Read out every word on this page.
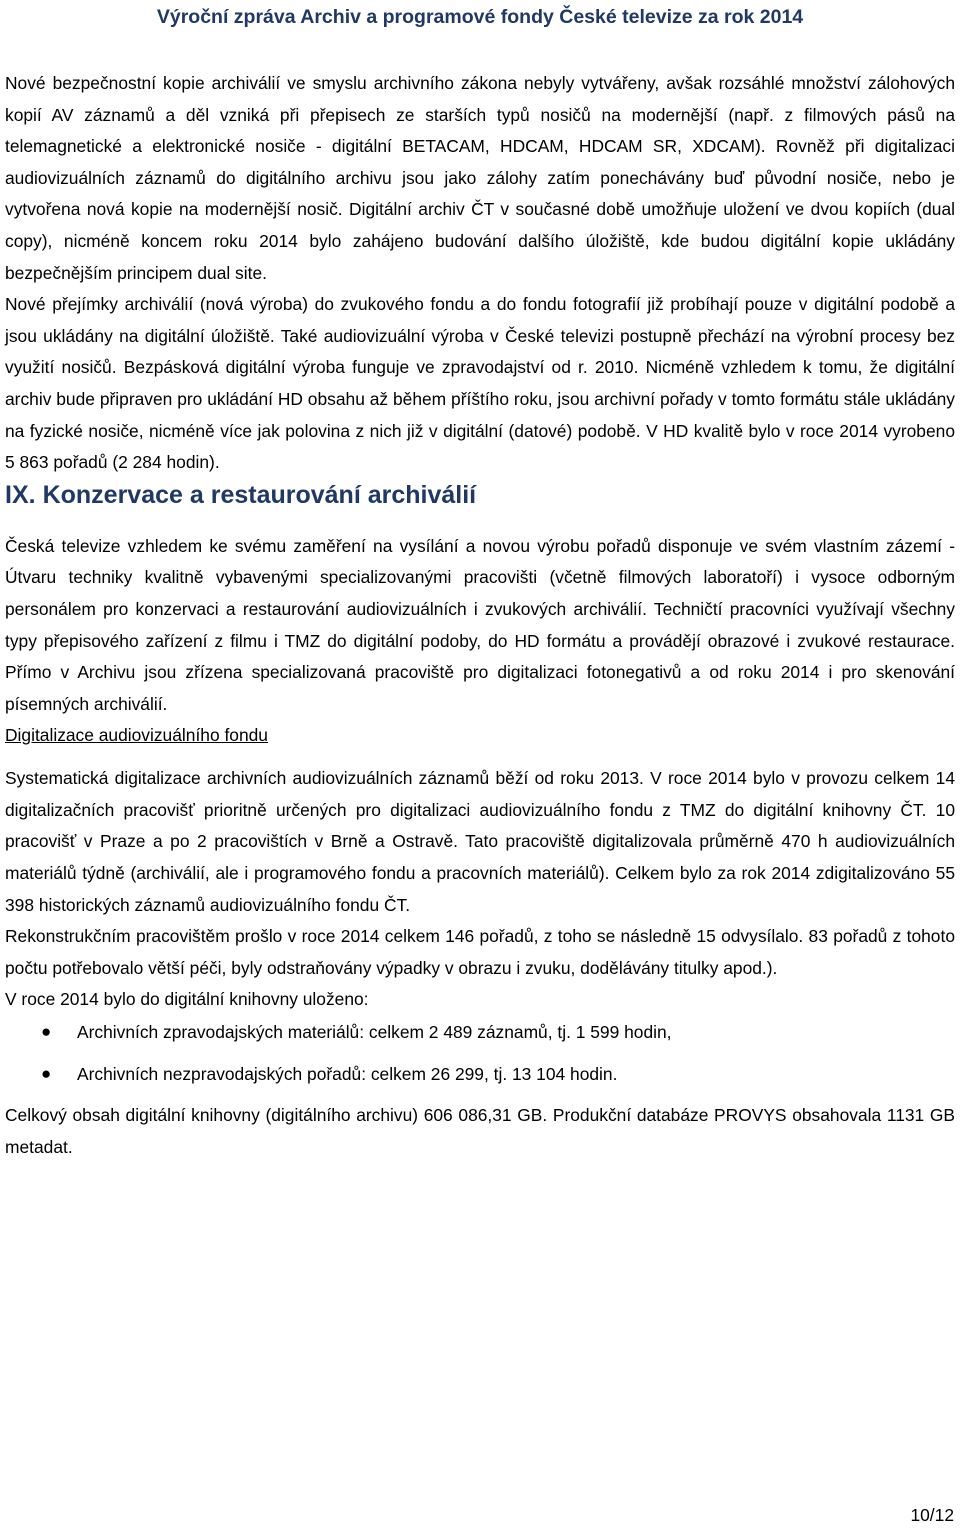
Výroční zpráva Archiv a programové fondy České televize za rok 2014

Nové bezpečnostní kopie archiválií ve smyslu archivního zákona nebyly vytvářeny, avšak rozsáhlé množství zálohových kopií AV záznamů a děl vzniká při přepisech ze starších typů nosičů na modernější (např. z filmových pásů na telemagnetické a elektronické nosiče - digitální BETACAM, HDCAM, HDCAM SR, XDCAM). Rovněž při digitalizaci audiovizuálních záznamů do digitálního archivu jsou jako zálohy zatím ponechávány buď původní nosiče, nebo je vytvořena nová kopie na modernější nosič. Digitální archiv ČT v současné době umožňuje uložení ve dvou kopiích (dual copy), nicméně koncem roku 2014 bylo zahájeno budování dalšího úložiště, kde budou digitální kopie ukládány bezpečnějším principem dual site.

Nové přejímky archiválií (nová výroba) do zvukového fondu a do fondu fotografií již probíhají pouze v digitální podobě a jsou ukládány na digitální úložiště. Také audiovizuální výroba v České televizi postupně přechází na výrobní procesy bez využití nosičů. Bezpásková digitální výroba funguje ve zpravodajství od r. 2010. Nicméně vzhledem k tomu, že digitální archiv bude připraven pro ukládání HD obsahu až během příštího roku, jsou archivní pořady v tomto formátu stále ukládány na fyzické nosiče, nicméně více jak polovina z nich již v digitální (datové) podobě. V HD kvalitě bylo v roce 2014 vyrobeno 5 863 pořadů (2 284 hodin).

IX. Konzervace a restaurování archiválií

Česká televize vzhledem ke svému zaměření na vysílání a novou výrobu pořadů disponuje ve svém vlastním zázemí - Útvaru techniky kvalitně vybavenými specializovanými pracovišti (včetně filmových laboratoří) i vysoce odborným personálem pro konzervaci a restaurování audiovizuálních i zvukových archiválií. Techničtí pracovníci využívají všechny typy přepisového zařízení z filmu i TMZ do digitální podoby, do HD formátu a provádějí obrazové i zvukové restaurace. Přímo v Archivu jsou zřízena specializovaná pracoviště pro digitalizaci fotonegativů a od roku 2014 i pro skenování písemných archiválií.

Digitalizace audiovizuálního fondu

Systematická digitalizace archivních audiovizuálních záznamů běží od roku 2013. V roce 2014 bylo v provozu celkem 14 digitalizačních pracovišť prioritně určených pro digitalizaci audiovizuálního fondu z TMZ do digitální knihovny ČT. 10 pracovišť v Praze a po 2 pracovištích v Brně a Ostravě. Tato pracoviště digitalizovala průměrně 470 h audiovizuálních materiálů týdně (archiválií, ale i programového fondu a pracovních materiálů). Celkem bylo za rok 2014 zdigitalizováno 55 398 historických záznamů audiovizuálního fondu ČT.

Rekonstrukčním pracovištěm prošlo v roce 2014 celkem 146 pořadů, z toho se následně 15 odvysílalo. 83 pořadů z tohoto počtu potřebovalo větší péči, byly odstraňovány výpadky v obrazu i zvuku, dodělávány titulky apod.).

V roce 2014 bylo do digitální knihovny uloženo:

● Archivních zpravodajských materiálů: celkem 2 489 záznamů, tj. 1 599 hodin,
● Archivních nezpravodajských pořadů: celkem 26 299, tj. 13 104 hodin.

Celkový obsah digitální knihovny (digitálního archivu) 606 086,31 GB. Produkční databáze PROVYS obsahovala 1131 GB metadat.

10/12
